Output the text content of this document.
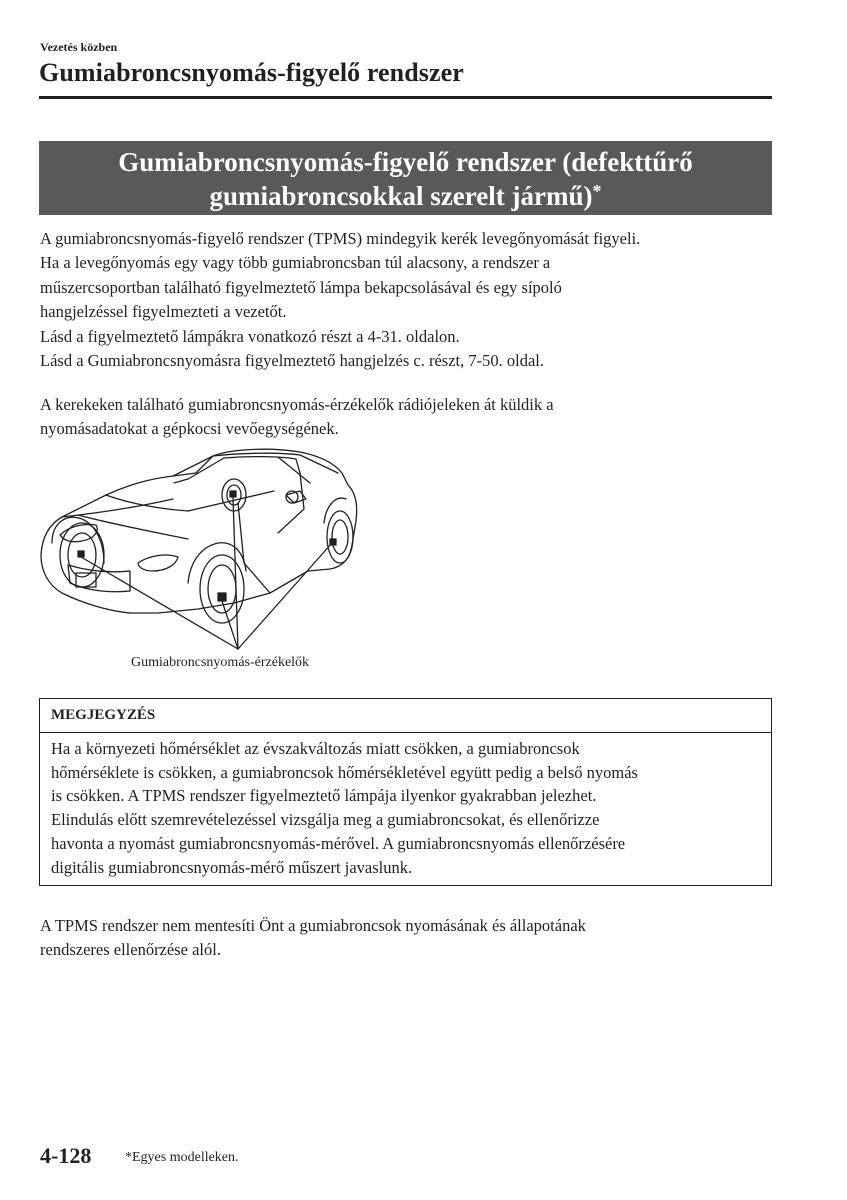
Vezetés közben
Gumiabroncsnyomás-figyelő rendszer
Gumiabroncsnyomás-figyelő rendszer (defekttűrő
gumiabroncsokkal szerelt jármű)*
A gumiabroncsnyomás-figyelő rendszer (TPMS) mindegyik kerék levegőnyomását figyeli.
Ha a levegőnyomás egy vagy több gumiabroncsban túl alacsony, a rendszer a
műszercsoportban található figyelmeztető lámpa bekapcsolásával és egy sípoló
hangjelzéssel figyelmezteti a vezetőt.
Lásd a figyelmeztető lámpákra vonatkozó részt a 4-31. oldalon.
Lásd a Gumiabroncsnyomásra figyelmeztető hangjelzés c. részt, 7-50. oldal.
A kerekeken található gumiabroncsnyomás-érzékelők rádiójeleken át küldik a
nyomásadatokat a gépkocsi vevőegységének.
Gumiabroncsnyomás-érzékelők
MEGJEGYZÉS
Ha a környezeti hőmérséklet az évszakváltozás miatt csökken, a gumiabroncsok
hőmérséklete is csökken, a gumiabroncsok hőmérsékletével együtt pedig a belső nyomás
is csökken. A TPMS rendszer figyelmeztető lámpája ilyenkor gyakrabban jelezhet.
Elindulás előtt szemrevételezéssel vizsgálja meg a gumiabroncsokat, és ellenőrizze
havonta a nyomást gumiabroncsnyomás-mérővel. A gumiabroncsnyomás ellenőrzésére
digitális gumiabroncsnyomás-mérő műszert javaslunk.
A TPMS rendszer nem mentesíti Önt a gumiabroncsok nyomásának és állapotának
rendszeres ellenőrzése alól.
4-128 *Egyes modelleken.
